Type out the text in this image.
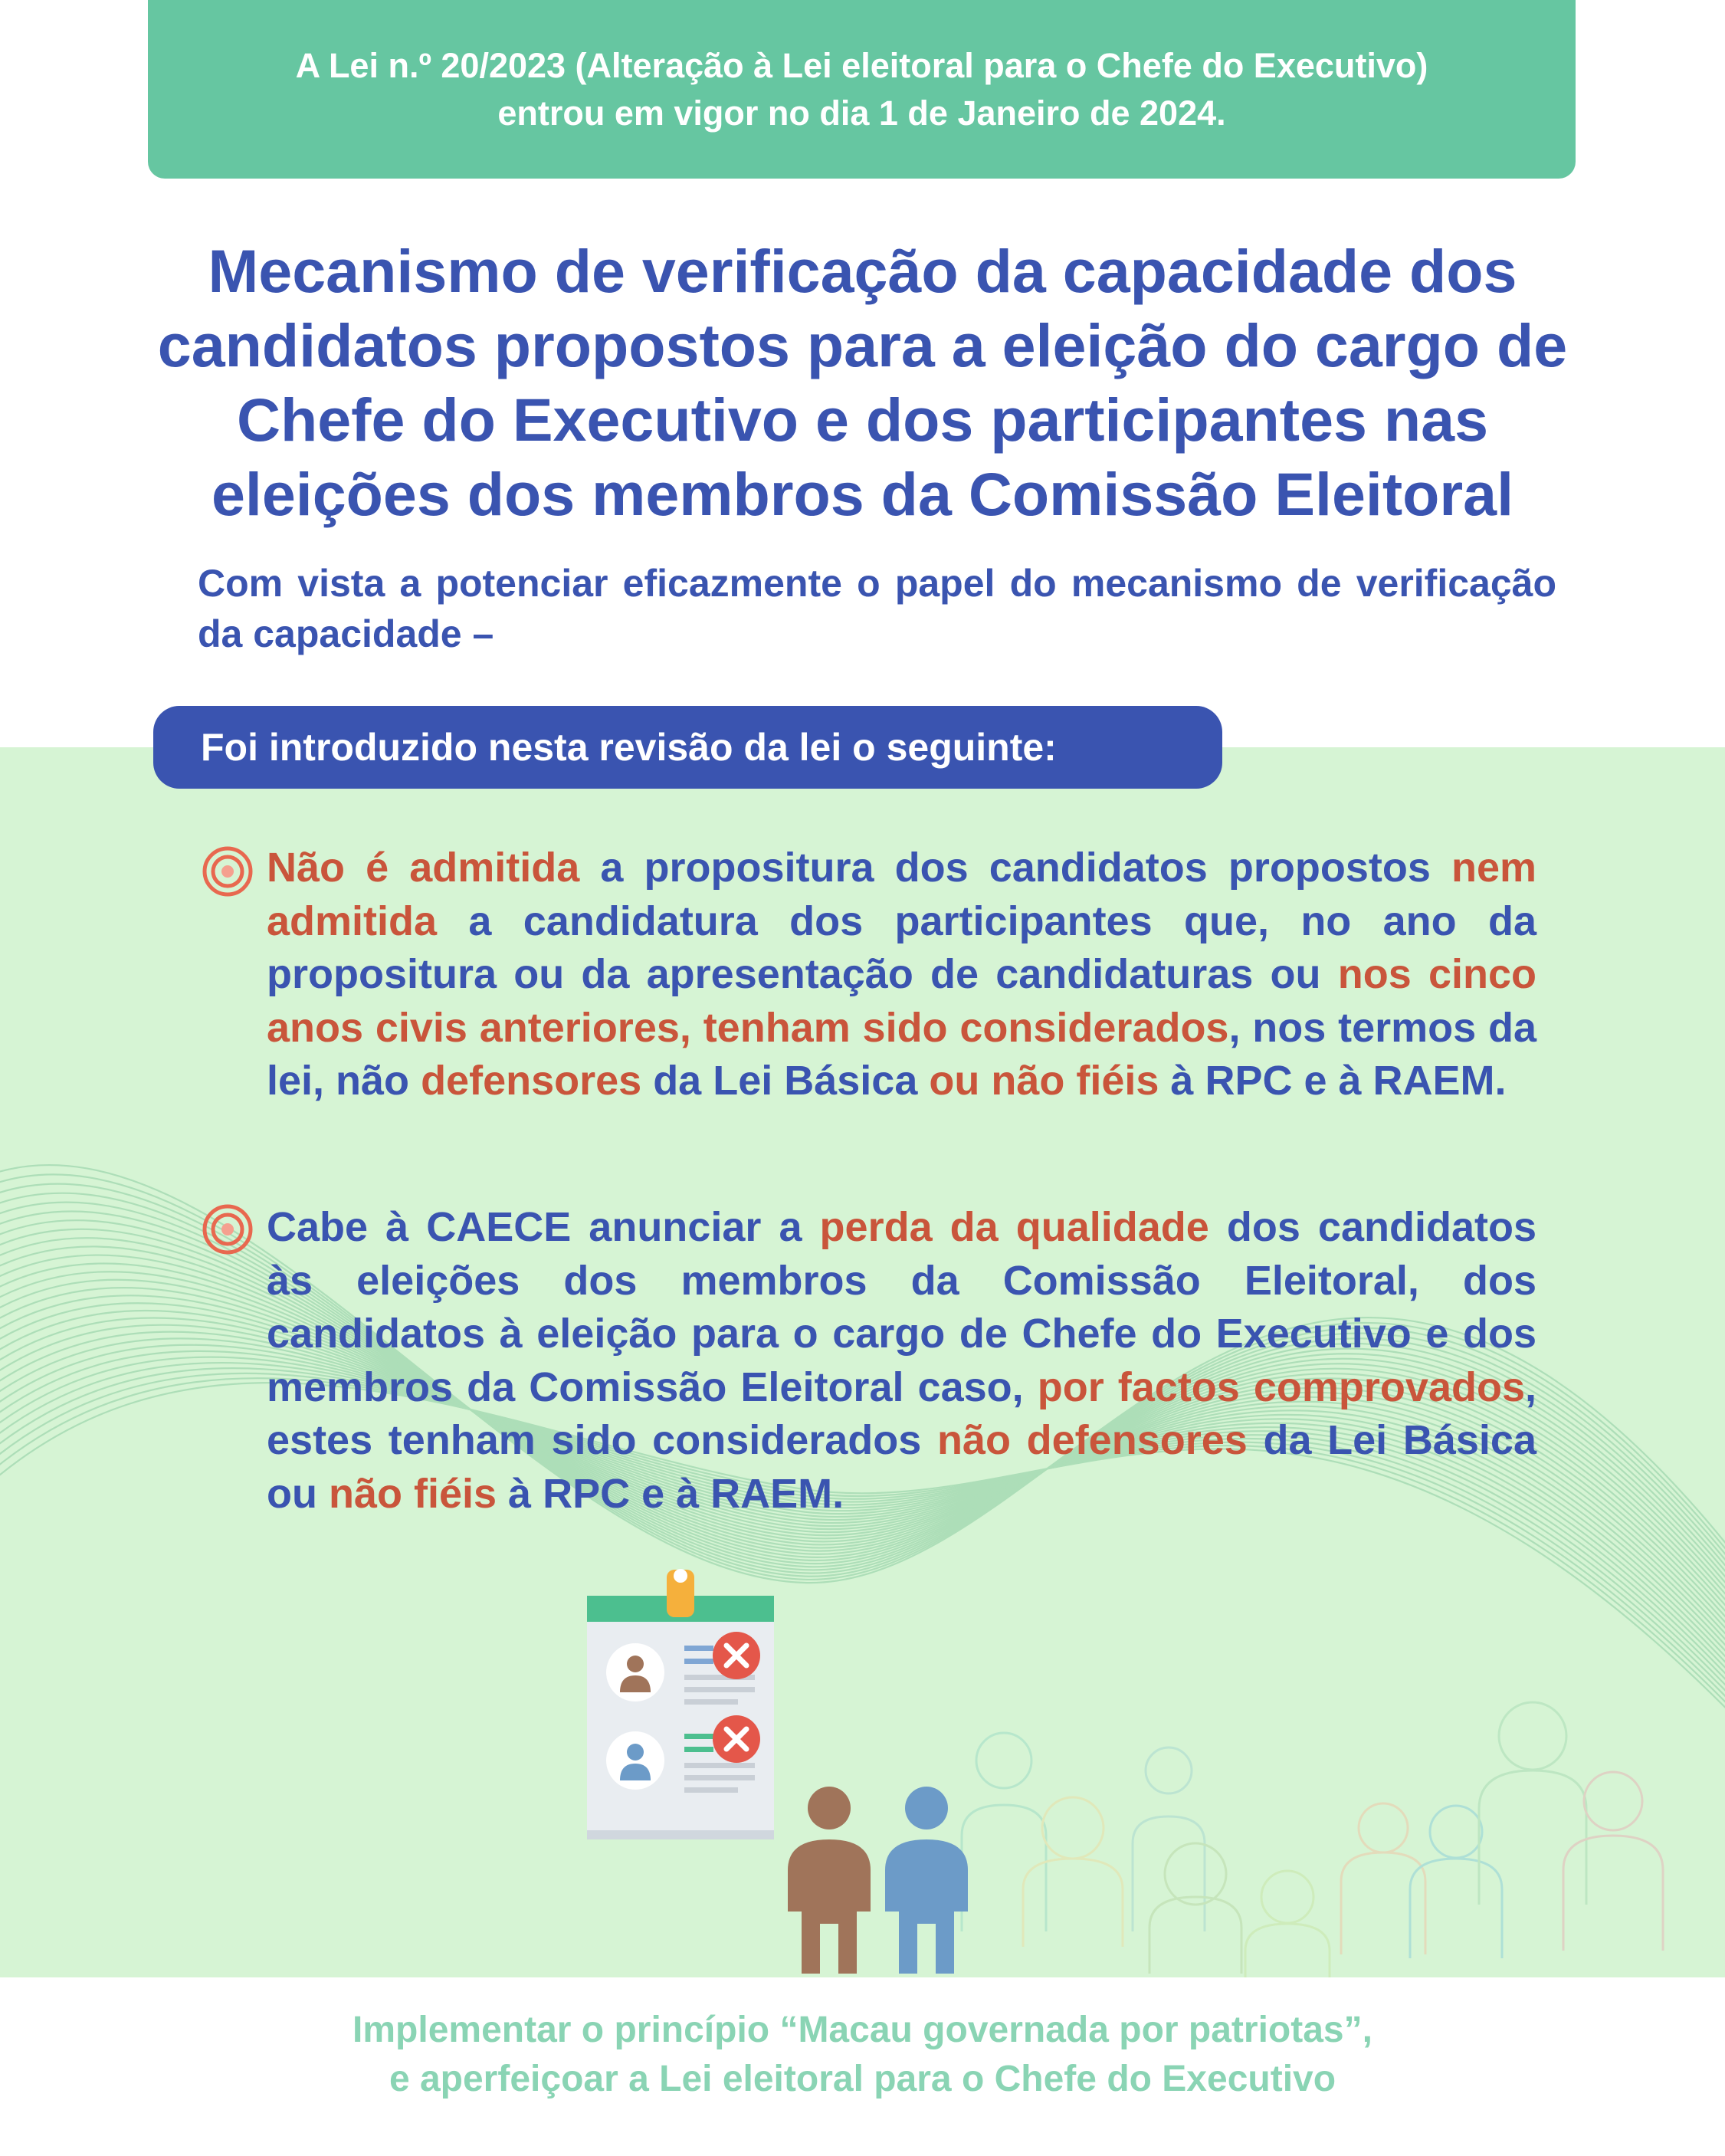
A Lei n.º 20/2023 (Alteração à Lei eleitoral para o Chefe do Executivo)
entrou em vigor no dia 1 de Janeiro de 2024.
Mecanismo de verificação da capacidade dos
candidatos propostos para a eleição do cargo de
Chefe do Executivo e dos participantes nas
eleições dos membros da Comissão Eleitoral
Com vista a potenciar eficazmente o papel do mecanismo de verificação da capacidade –
Foi introduzido nesta revisão da lei o seguinte:
Não é admitida a propositura dos candidatos propostos nem admitida a candidatura dos participantes que, no ano da propositura ou da apresentação de candidaturas ou nos cinco anos civis anteriores, tenham sido considerados, nos termos da lei, não defensores da Lei Básica ou não fiéis à RPC e à RAEM.
Cabe à CAECE anunciar a perda da qualidade dos candidatos às eleições dos membros da Comissão Eleitoral, dos candidatos à eleição para o cargo de Chefe do Executivo e dos membros da Comissão Eleitoral caso, por factos comprovados, estes tenham sido considerados não defensores da Lei Básica ou não fiéis à RPC e à RAEM.
Implementar o princípio “Macau governada por patriotas”,
e aperfeiçoar a Lei eleitoral para o Chefe do Executivo
